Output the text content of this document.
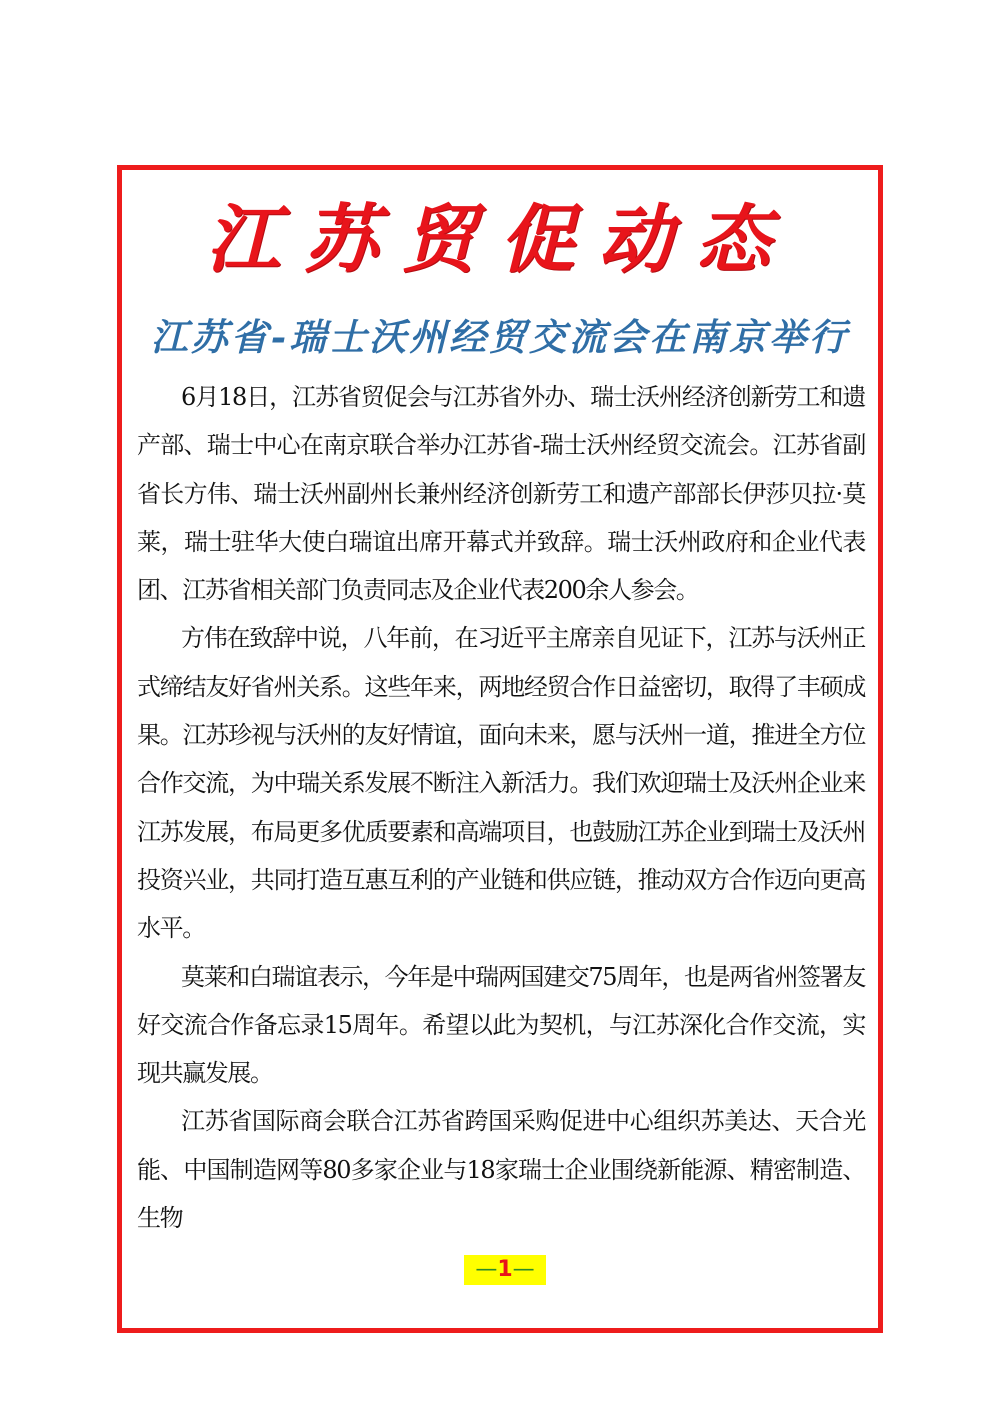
江苏贸促动态
江苏省-瑞士沃州经贸交流会在南京举行

6月18日，江苏省贸促会与江苏省外办、瑞士沃州经济创新劳工和遗产部、瑞士中心在南京联合举办江苏省-瑞士沃州经贸交流会。江苏省副省长方伟、瑞士沃州副州长兼州经济创新劳工和遗产部部长伊莎贝拉·莫莱，瑞士驻华大使白瑞谊出席开幕式并致辞。瑞士沃州政府和企业代表团、江苏省相关部门负责同志及企业代表200余人参会。

方伟在致辞中说，八年前，在习近平主席亲自见证下，江苏与沃州正式缔结友好省州关系。这些年来，两地经贸合作日益密切，取得了丰硕成果。江苏珍视与沃州的友好情谊，面向未来，愿与沃州一道，推进全方位合作交流，为中瑞关系发展不断注入新活力。我们欢迎瑞士及沃州企业来江苏发展，布局更多优质要素和高端项目，也鼓励江苏企业到瑞士及沃州投资兴业，共同打造互惠互利的产业链和供应链，推动双方合作迈向更高水平。

莫莱和白瑞谊表示，今年是中瑞两国建交75周年，也是两省州签署友好交流合作备忘录15周年。希望以此为契机，与江苏深化合作交流，实现共赢发展。

江苏省国际商会联合江苏省跨国采购促进中心组织苏美达、天合光能、中国制造网等80多家企业与18家瑞士企业围绕新能源、精密制造、生物

—1—
